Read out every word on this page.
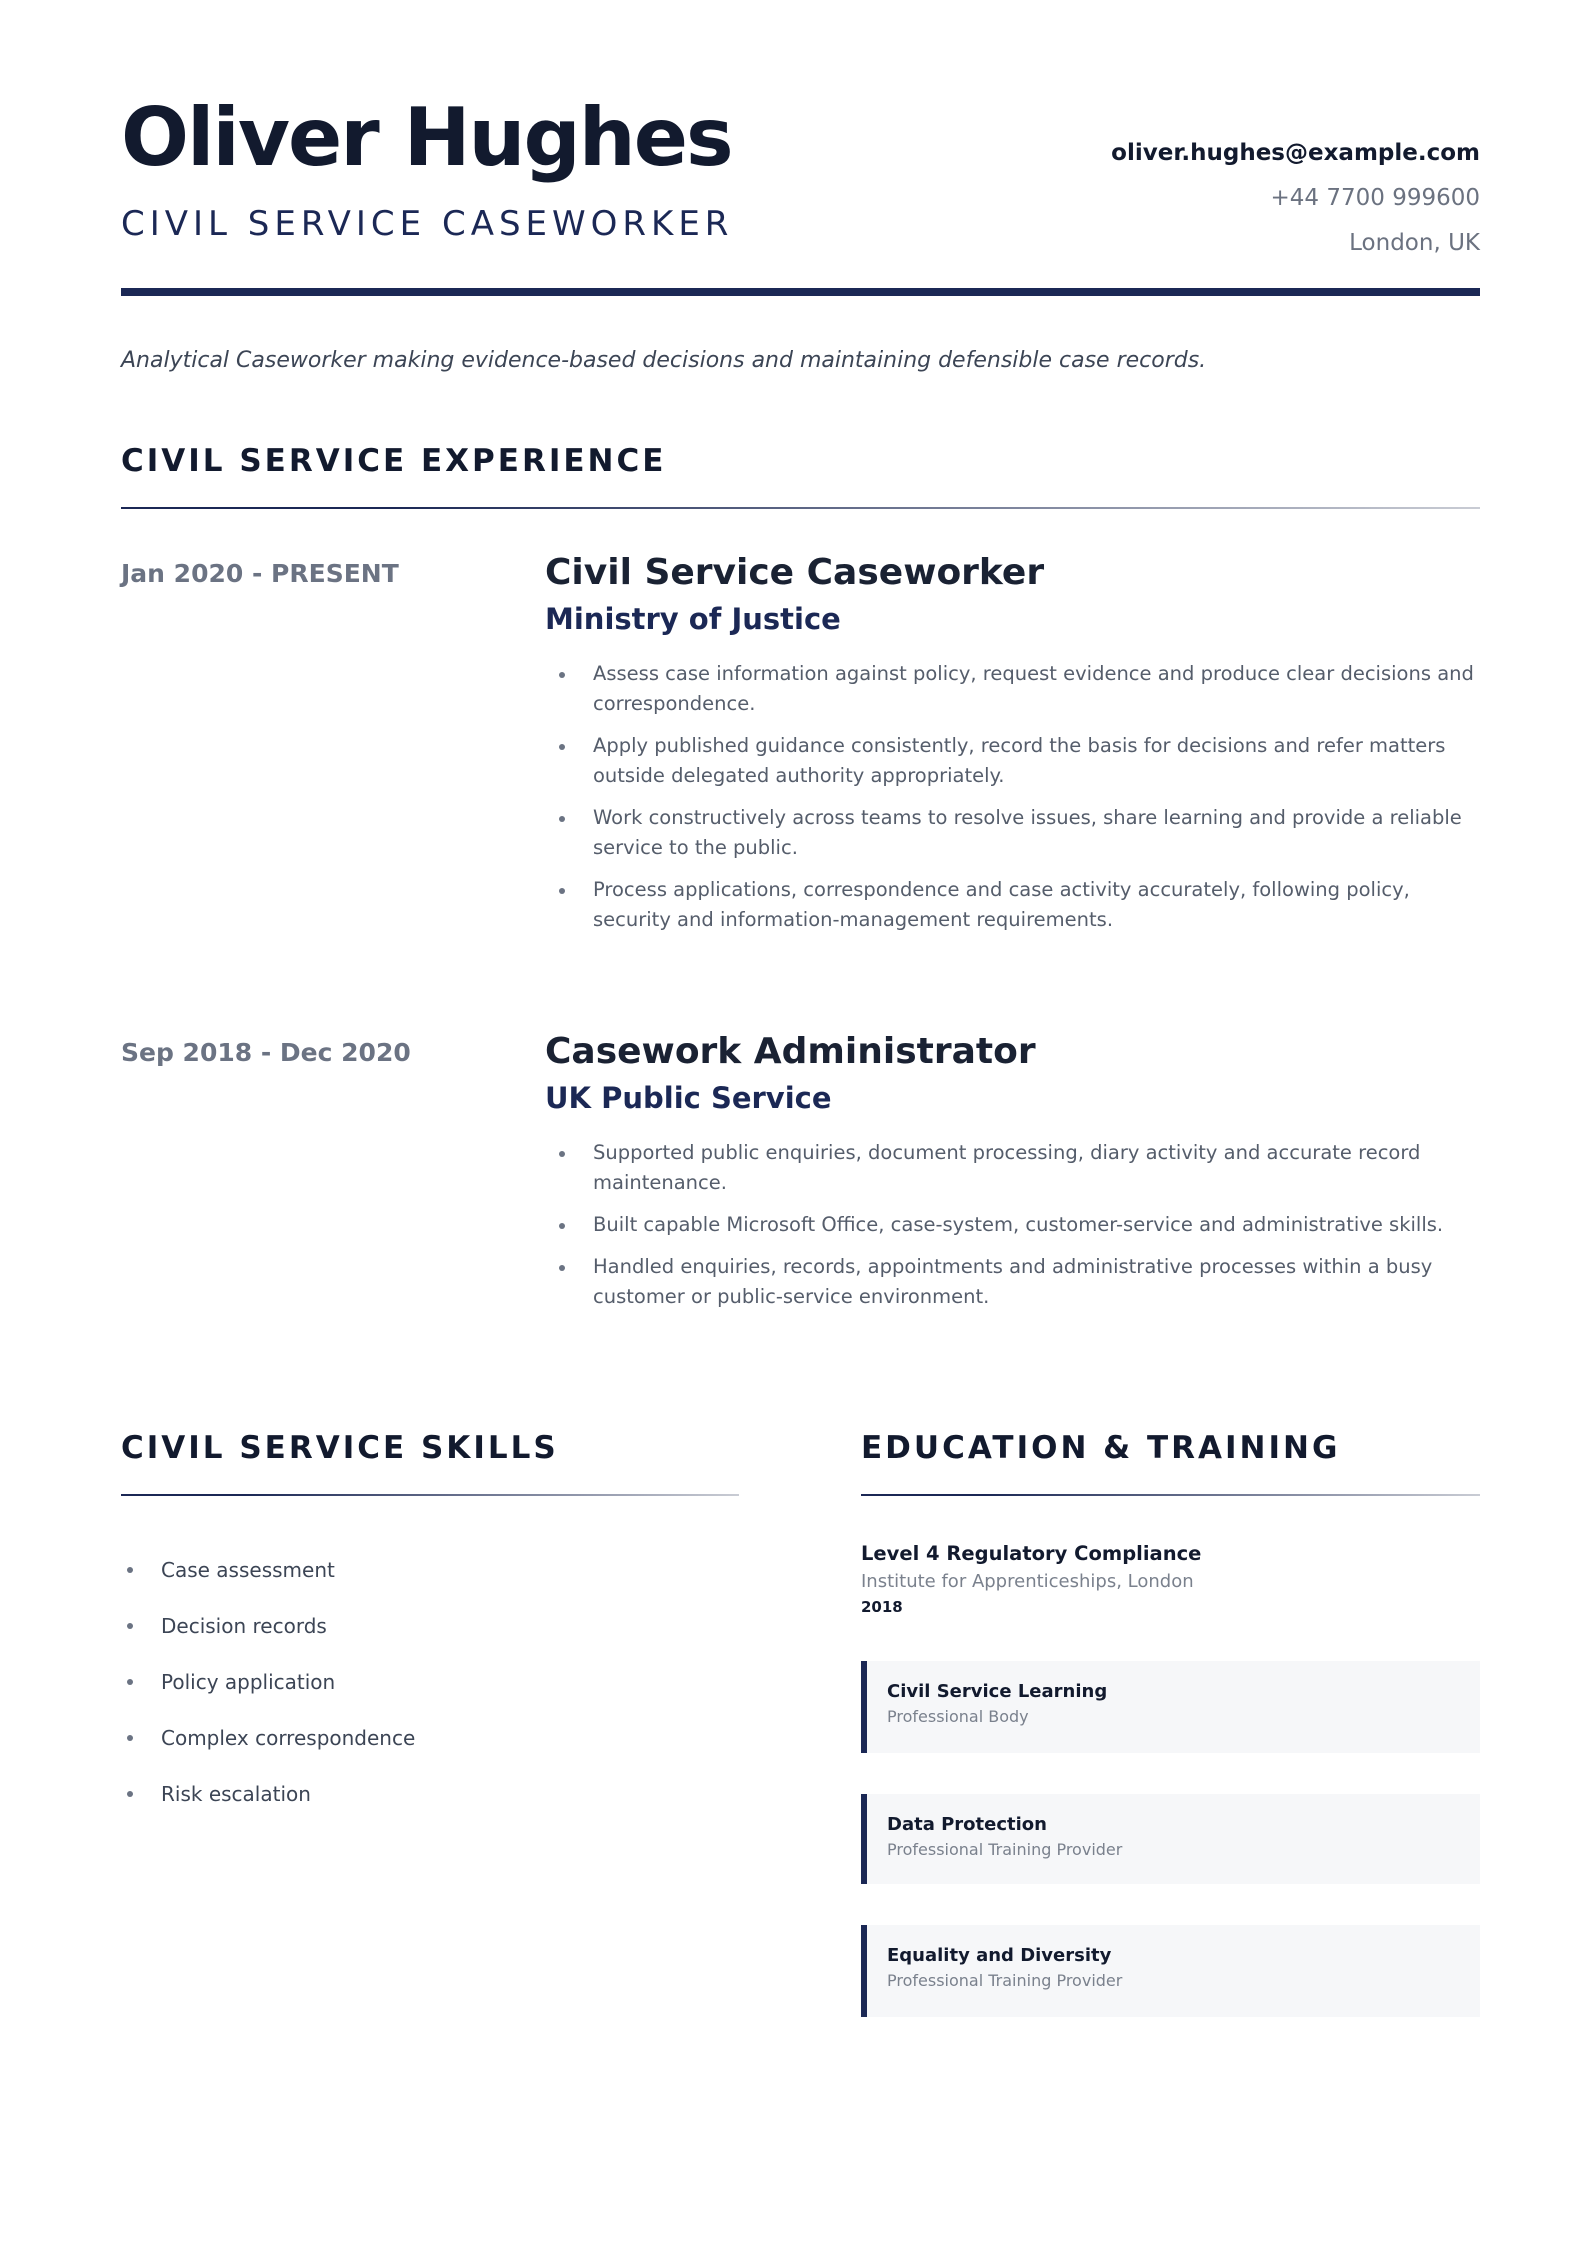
Oliver Hughes
CIVIL SERVICE CASEWORKER
oliver.hughes@example.com
+44 7700 999600
London, UK
Analytical Caseworker making evidence-based decisions and maintaining defensible case records.
CIVIL SERVICE EXPERIENCE
Jan 2020 - PRESENT	Civil Service Caseworker
Ministry of Justice
Assess case information against policy, request evidence and produce clear decisions and correspondence.
Apply published guidance consistently, record the basis for decisions and refer matters outside delegated authority appropriately.
Work constructively across teams to resolve issues, share learning and provide a reliable service to the public.
Process applications, correspondence and case activity accurately, following policy, security and information-management requirements.
Sep 2018 - Dec 2020	Casework Administrator
UK Public Service
Supported public enquiries, document processing, diary activity and accurate record maintenance.
Built capable Microsoft Office, case-system, customer-service and administrative skills.
Handled enquiries, records, appointments and administrative processes within a busy customer or public-service environment.
CIVIL SERVICE SKILLS
Case assessment
Decision records
Policy application
Complex correspondence
Risk escalation
EDUCATION & TRAINING
Level 4 Regulatory Compliance
Institute for Apprenticeships, London
2018
Civil Service Learning
Professional Body
Data Protection
Professional Training Provider
Equality and Diversity
Professional Training Provider
